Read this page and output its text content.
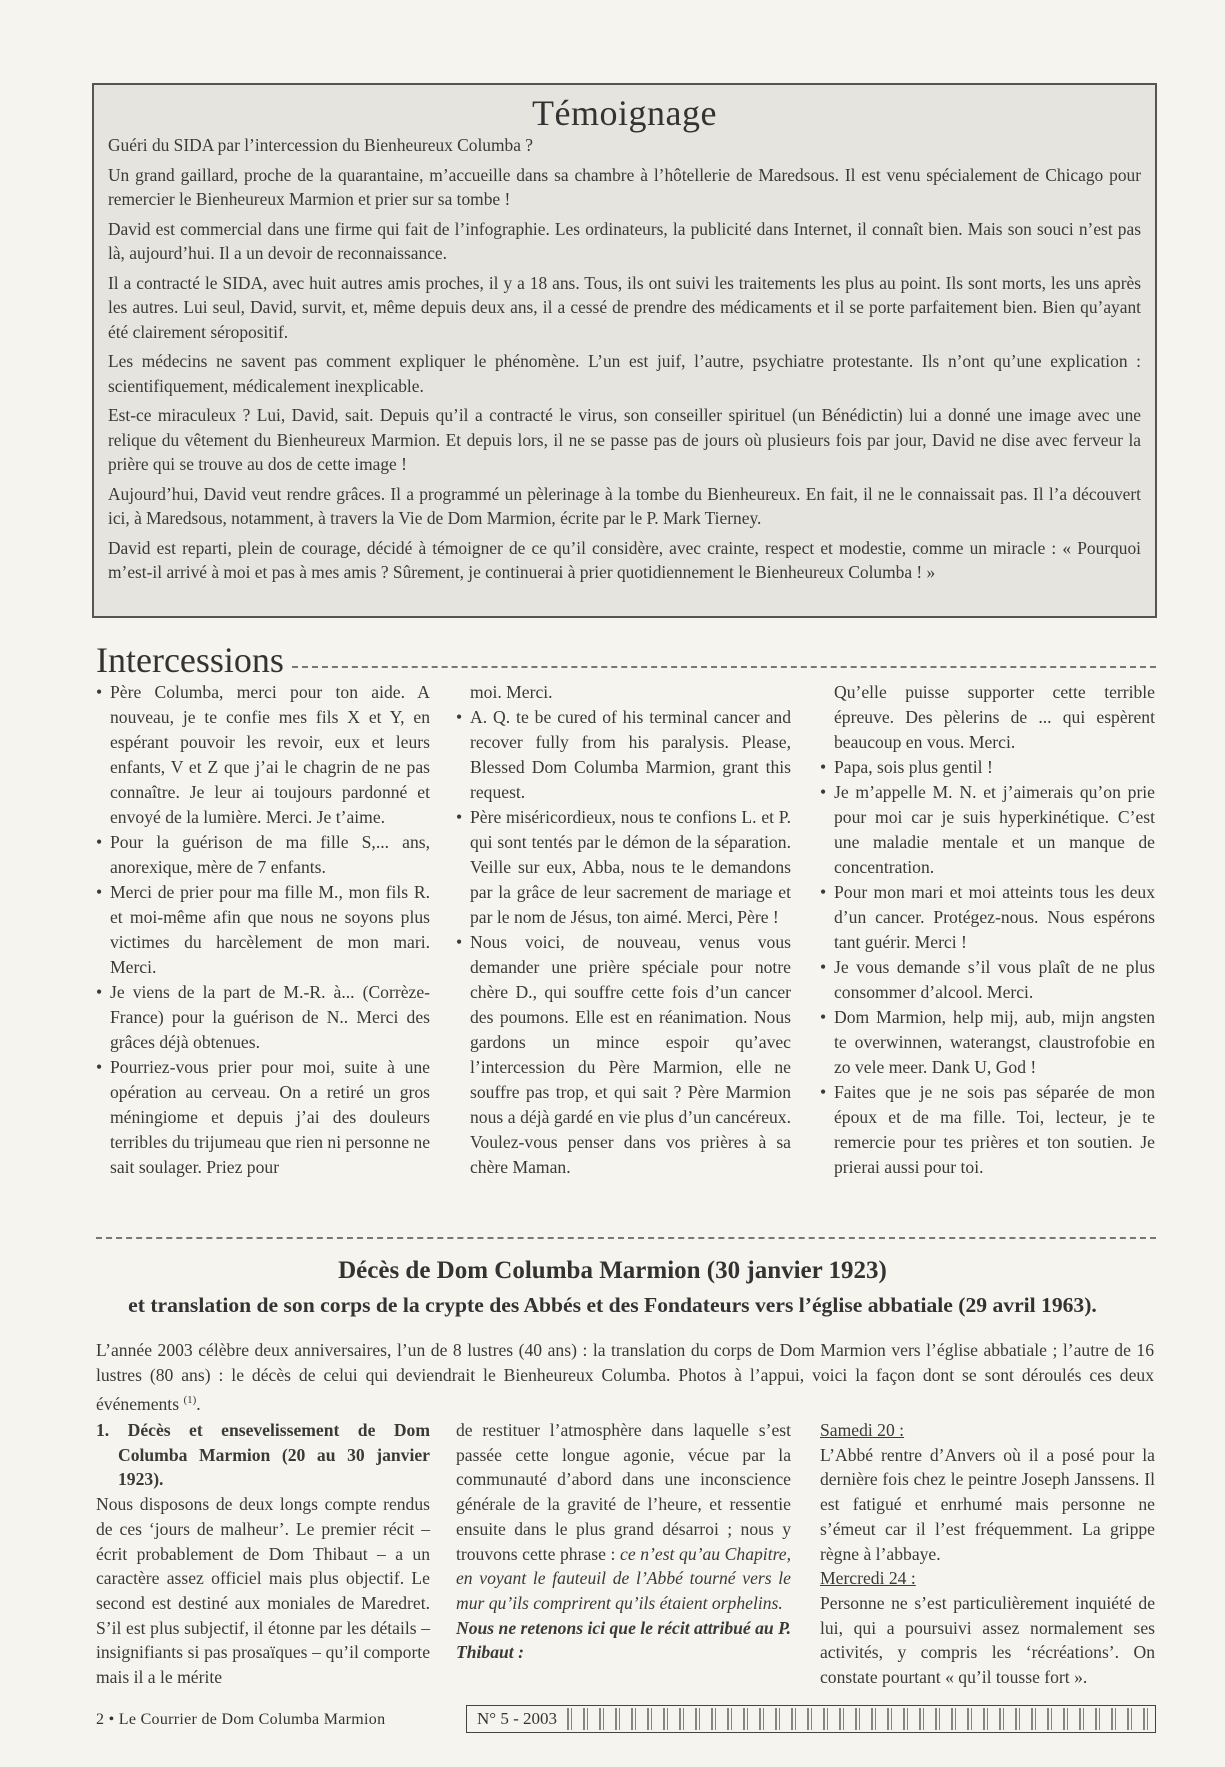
Témoignage

Guéri du SIDA par l’intercession du Bienheureux Columba ?

Un grand gaillard, proche de la quarantaine, m’accueille dans sa chambre à l’hôtellerie de Maredsous. Il est venu spécialement de Chicago pour remercier le Bienheureux Marmion et prier sur sa tombe !

David est commercial dans une firme qui fait de l’infographie. Les ordinateurs, la publicité dans Internet, il connaît bien. Mais son souci n’est pas là, aujourd’hui. Il a un devoir de reconnaissance.

Il a contracté le SIDA, avec huit autres amis proches, il y a 18 ans. Tous, ils ont suivi les traitements les plus au point. Ils sont morts, les uns après les autres. Lui seul, David, survit, et, même depuis deux ans, il a cessé de prendre des médicaments et il se porte parfaitement bien. Bien qu’ayant été clairement séropositif.

Les médecins ne savent pas comment expliquer le phénomène. L’un est juif, l’autre, psychiatre protestante. Ils n’ont qu’une explication : scientifiquement, médicalement inexplicable.

Est-ce miraculeux ? Lui, David, sait. Depuis qu’il a contracté le virus, son conseiller spirituel (un Bénédictin) lui a donné une image avec une relique du vêtement du Bienheureux Marmion. Et depuis lors, il ne se passe pas de jours où plusieurs fois par jour, David ne dise avec ferveur la prière qui se trouve au dos de cette image !

Aujourd’hui, David veut rendre grâces. Il a programmé un pèlerinage à la tombe du Bienheureux. En fait, il ne le connaissait pas. Il l’a découvert ici, à Maredsous, notamment, à travers la Vie de Dom Marmion, écrite par le P. Mark Tierney.

David est reparti, plein de courage, décidé à témoigner de ce qu’il considère, avec crainte, respect et modestie, comme un miracle : « Pourquoi m’est-il arrivé à moi et pas à mes amis ? Sûrement, je continuerai à prier quotidiennement le Bienheureux Columba ! »

Intercessions
• Père Columba, merci pour ton aide. A nouveau, je te confie mes fils X et Y, en espérant pouvoir les revoir, eux et leurs enfants, V et Z que j’ai le chagrin de ne pas connaître. Je leur ai toujours pardonné et envoyé de la lumière. Merci. Je t’aime.
• Pour la guérison de ma fille S,... ans, anorexique, mère de 7 enfants.
• Merci de prier pour ma fille M., mon fils R. et moi-même afin que nous ne soyons plus victimes du harcèlement de mon mari. Merci.
• Je viens de la part de M.-R. à... (Corrèze-France) pour la guérison de N.. Merci des grâces déjà obtenues.
• Pourriez-vous prier pour moi, suite à une opération au cerveau. On a retiré un gros méningiome et depuis j’ai des douleurs terribles du trijumeau que rien ni personne ne sait soulager. Priez pour
moi. Merci.
• A. Q. te be cured of his terminal cancer and recover fully from his paralysis. Please, Blessed Dom Columba Marmion, grant this request.
• Père miséricordieux, nous te confions L. et P. qui sont tentés par le démon de la séparation. Veille sur eux, Abba, nous te le demandons par la grâce de leur sacrement de mariage et par le nom de Jésus, ton aimé. Merci, Père !
• Nous voici, de nouveau, venus vous demander une prière spéciale pour notre chère D., qui souffre cette fois d’un cancer des poumons. Elle est en réanimation. Nous gardons un mince espoir qu’avec l’intercession du Père Marmion, elle ne souffre pas trop, et qui sait ? Père Marmion nous a déjà gardé en vie plus d’un cancéreux. Voulez-vous penser dans vos prières à sa chère Maman.
Qu’elle puisse supporter cette terrible épreuve. Des pèlerins de ... qui espèrent beaucoup en vous. Merci.
• Papa, sois plus gentil !
• Je m’appelle M. N. et j’aimerais qu’on prie pour moi car je suis hyperkinétique. C’est une maladie mentale et un manque de concentration.
• Pour mon mari et moi atteints tous les deux d’un cancer. Protégez-nous. Nous espérons tant guérir. Merci !
• Je vous demande s’il vous plaît de ne plus consommer d’alcool. Merci.
• Dom Marmion, help mij, aub, mijn angsten te overwinnen, waterangst, claustrofobie en zo vele meer. Dank U, God !
• Faites que je ne sois pas séparée de mon époux et de ma fille. Toi, lecteur, je te remercie pour tes prières et ton soutien. Je prierai aussi pour toi.
Décès de Dom Columba Marmion (30 janvier 1923)
et translation de son corps de la crypte des Abbés et des Fondateurs vers l’église abbatiale (29 avril 1963).
L’année 2003 célèbre deux anniversaires, l’un de 8 lustres (40 ans) : la translation du corps de Dom Marmion vers l’église abbatiale ; l’autre de 16 lustres (80 ans) : le décès de celui qui deviendrait le Bienheureux Columba. Photos à l’appui, voici la façon dont se sont déroulés ces deux événements $^{(1)}$.

1. Décès et ensevelissement de Dom Columba Marmion (20 au 30 janvier 1923).

Nous disposons de deux longs compte rendus de ces ‘jours de malheur’. Le premier récit – écrit probablement de Dom Thibaut – a un caractère assez officiel mais plus objectif. Le second est destiné aux moniales de Maredret. S’il est plus subjectif, il étonne par les détails – insignifiants si pas prosaïques – qu’il comporte mais il a le mérite

de restituer l’atmosphère dans laquelle s’est passée cette longue agonie, vécue par la communauté d’abord dans une inconscience générale de la gravité de l’heure, et ressentie ensuite dans le plus grand désarroi ; nous y trouvons cette phrase : ce n’est qu’au Chapitre, en voyant le fauteuil de l’Abbé tourné vers le mur qu’ils comprirent qu’ils étaient orphelins.

Nous ne retenons ici que le récit attribué au P. Thibaut :

Samedi 20 :

L’Abbé rentre d’Anvers où il a posé pour la dernière fois chez le peintre Joseph Janssens. Il est fatigué et enrhumé mais personne ne s’émeut car il l’est fréquemment. La grippe règne à l’abbaye.

Mercredi 24 :

Personne ne s’est particulièrement inquiété de lui, qui a poursuivi assez normalement ses activités, y compris les ‘récréations’. On constate pourtant « qu’il tousse fort ».

2 • Le Courrier de Dom Columba Marmion	N° 5 - 2003
